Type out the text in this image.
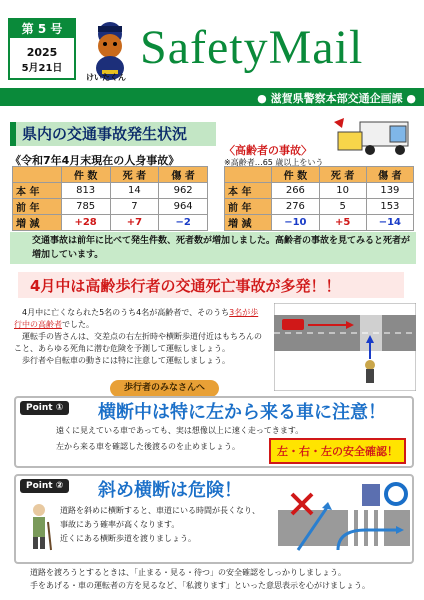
第 5 号
2025
5月21日
けいたくん
SafetyMail
● 滋賀県警察本部交通企画課 ●
県内の交通事故発生状況
《令和7年4月末現在の人身事故》
〈高齢者の事故〉
※高齢者…65 歳以上をいう
	件 数	死 者	傷 者
本 年	813	14	962
前 年	785	7	964
増 減	+28	+7	−2
	件 数	死 者	傷 者
本 年	266	10	139
前 年	276	5	153
増 減	−10	+5	−14
交通事故は前年に比べて発生件数、死者数が増加しました。高齢者の事故を見てみると死者が増加しています。
4月中は高齢歩行者の交通死亡事故が多発！！
4月中に亡くなられた5名のうち4名が高齢者で、そのうち3名が歩行中の高齢者でした。
運転手の皆さんは、交差点の右左折時や横断歩道付近はもちろんのこと、あらゆる死角に潜む危険を予測して運転しましょう。
歩行者や自転車の動きには特に注意して運転しましょう。
歩行者のみなさんへ
Point ①	横断中は特に左から来る車に注意！
遠くに見えている車であっても、実は想像以上に速く走ってきます。
左から来る車を確認した後渡るのを止めましょう。	左・右・左の安全確認！
Point ②	斜め横断は危険！
道路を斜めに横断すると、車道にいる時間が長くなり、
事故にあう確率が高くなります。
近くにある横断歩道を渡りましょう。
道路を渡ろうとするときは、「止まる・見る・待つ」の安全確認をしっかりしましょう。
手をあげる・車の運転者の方を見るなど、「私渡ります」といった意思表示を心がけましょう。
